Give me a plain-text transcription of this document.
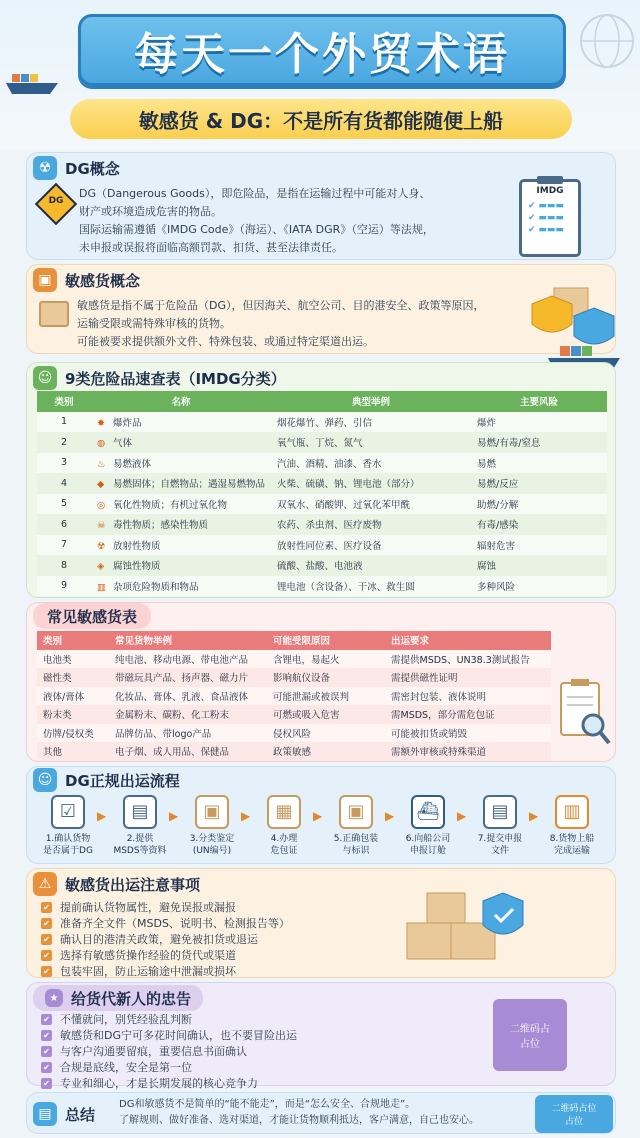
每天一个外贸术语
敏感货 & DG：不是所有货都能随便上船
☢ DG概念
DG
DG（Dangerous Goods），即危险品，是指在运输过程中可能对人身、
财产或环境造成危害的物品。
国际运输需遵循《IMDG Code》（海运）、《IATA DGR》（空运）等法规，
未申报或误报将面临高额罚款、扣货、甚至法律责任。
IMDG
✔ ▬▬▬
✔ ▬▬▬
✔ ▬▬▬
▣ 敏感货概念
敏感货是指不属于危险品（DG），但因海关、航空公司、目的港安全、政策等原因，
运输受限或需特殊审核的货物。
可能被要求提供额外文件、特殊包装、或通过特定渠道出运。
☺ 9类危险品速查表（IMDG分类）
类别	名称	典型举例	主要风险
1	✸ 爆炸品	烟花爆竹、弹药、引信	爆炸
2	◍ 气体	氧气瓶、丁烷、氮气	易燃/有毒/窒息
3	♨ 易燃液体	汽油、酒精、油漆、香水	易燃
4	◆ 易燃固体；自燃物品；遇湿易燃物品	火柴、硫磺、钠、锂电池（部分）	易燃/反应
5	◎ 氧化性物质；有机过氧化物	双氧水、硝酸钾、过氧化苯甲酰	助燃/分解
6	☠ 毒性物质；感染性物质	农药、杀虫剂、医疗废物	有毒/感染
7	☢ 放射性物质	放射性同位素、医疗设备	辐射危害
8	◈ 腐蚀性物质	硫酸、盐酸、电池液	腐蚀
9	▥ 杂项危险物质和物品	锂电池（含设备）、干冰、救生圆	多种风险
常见敏感货表
类别	常见货物举例	可能受限原因	出运要求
电池类	纯电池、移动电源、带电池产品	含锂电，易起火	需提供MSDS、UN38.3测试报告
磁性类	带磁玩具产品、扬声器、磁力片	影响航仪设备	需提供磁性证明
液体/膏体	化妆品、膏体、乳液、食品液体	可能泄漏或被误判	需密封包装、液体说明
粉末类	金属粉末、碳粉、化工粉末	可燃或吸入危害	需MSDS，部分需危包证
仿牌/侵权类	品牌仿品、带logo产品	侵权风险	可能被扣货或销毁
其他	电子烟、成人用品、保健品	政策敏感	需额外审核或特殊渠道
☺ DG正规出运流程
☑
1.确认货物
是否属于DG
▶	▤
2.提供
MSDS等资料
▶	▣
3.分类鉴定
(UN编号)
▶	▦
4.办理
危包证
▶	▣
5.正确包装
与标识
▶	⛴
6.向船公司
申报订舱
▶	▤
7.提交申报
文件
▶	▥
8.货物上船
完成运输
⚠ 敏感货出运注意事项
✔ 提前确认货物属性，避免误报或漏报
✔ 准备齐全文件（MSDS、说明书、检测报告等）
✔ 确认目的港清关政策，避免被扣货或退运
✔ 选择有敏感货操作经验的货代或渠道
✔ 包装牢固，防止运输途中泄漏或损坏
★ 给货代新人的忠告
✔ 不懂就问，别凭经验乱判断
✔ 敏感货和DG宁可多花时间确认，也不要冒险出运
✔ 与客户沟通要留痕，重要信息书面确认
✔ 合规是底线，安全是第一位
✔ 专业和细心，才是长期发展的核心竞争力
二维码占
占位
▤ 总结
DG和敏感货不是简单的“能不能走”，而是“怎么安全、合规地走”。
了解规则、做好准备、选对渠道，才能让货物顺利抵达，客户满意，自己也安心。
二维码占位
占位
